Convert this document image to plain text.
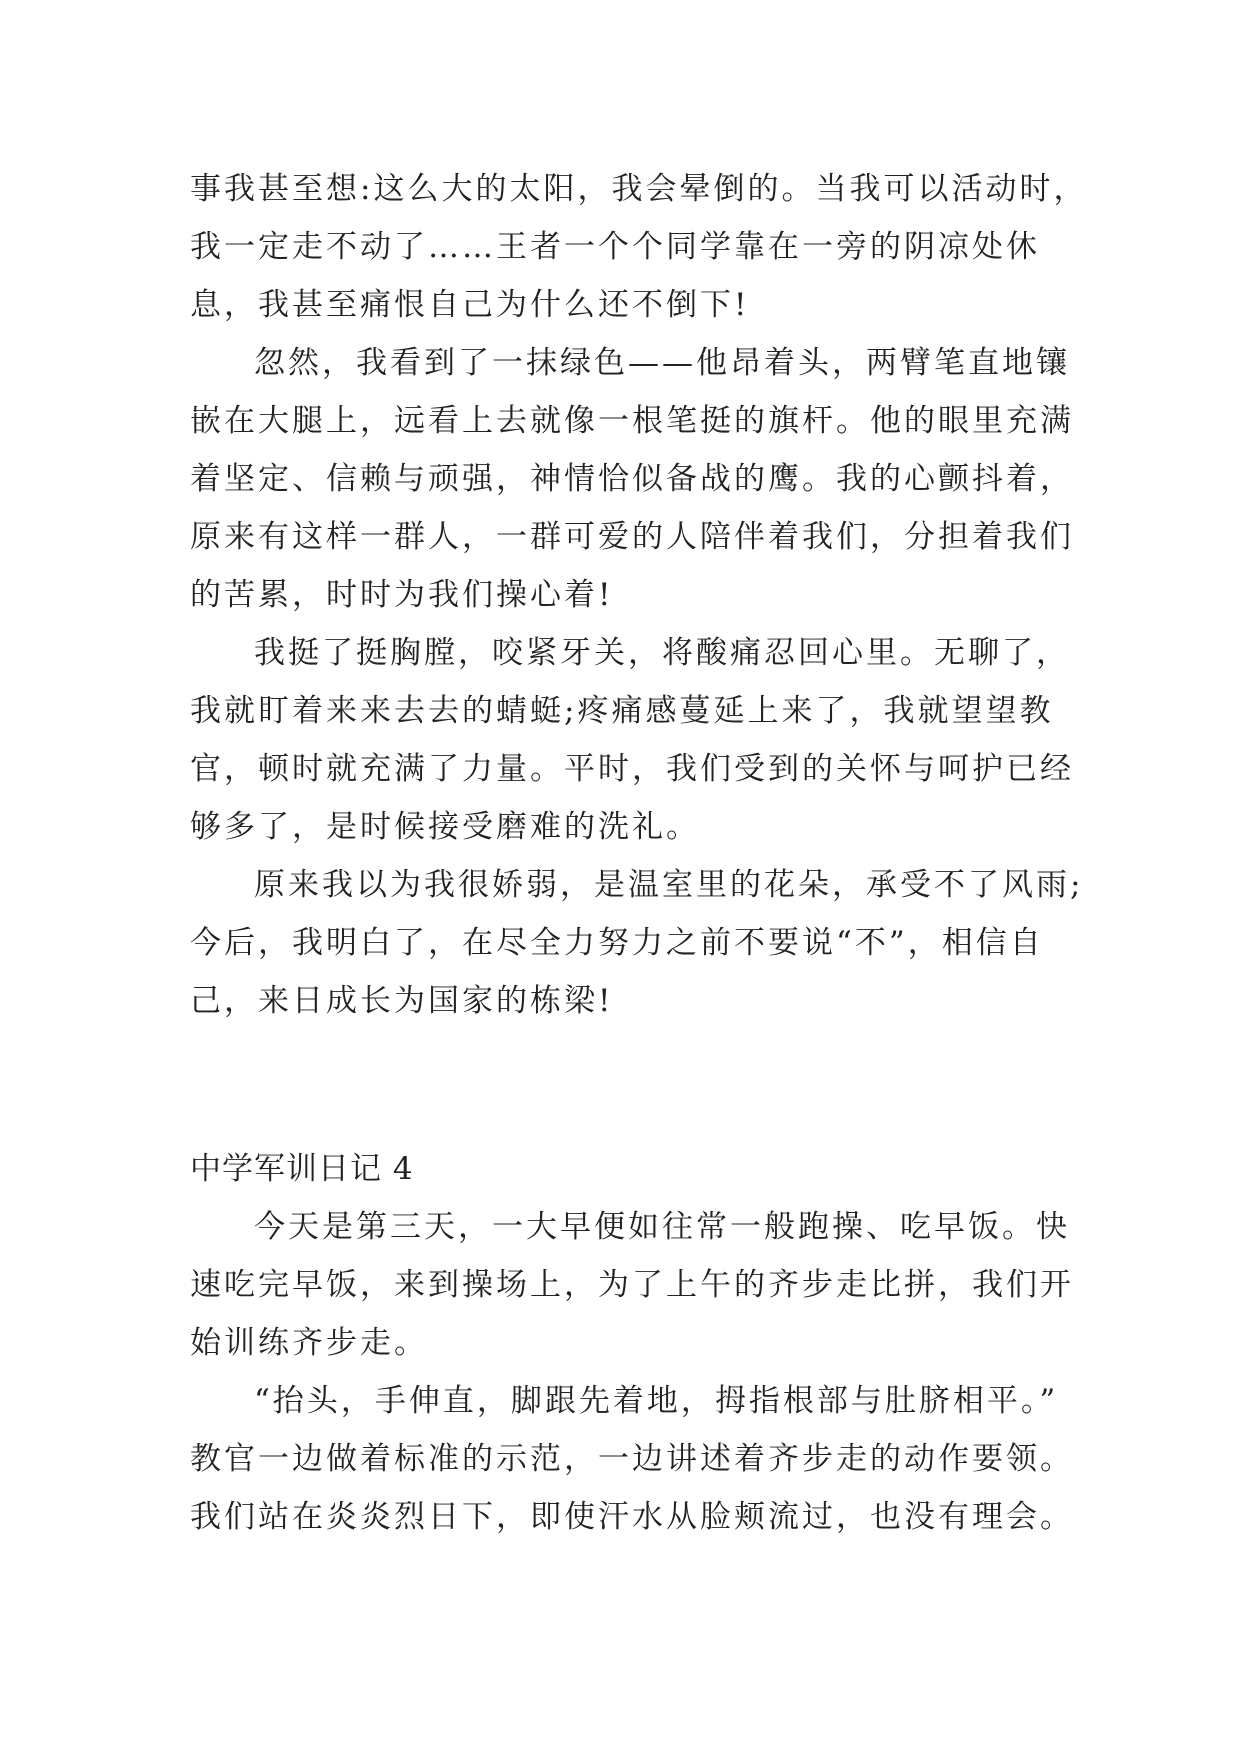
事我甚至想:这么大的太阳，我会晕倒的。当我可以活动时，
我一定走不动了……王者一个个同学靠在一旁的阴凉处休
息，我甚至痛恨自己为什么还不倒下!
忽然，我看到了一抹绿色——他昂着头，两臂笔直地镶
嵌在大腿上，远看上去就像一根笔挺的旗杆。他的眼里充满
着坚定、信赖与顽强，神情恰似备战的鹰。我的心颤抖着，
原来有这样一群人，一群可爱的人陪伴着我们，分担着我们
的苦累，时时为我们操心着!
我挺了挺胸膛，咬紧牙关，将酸痛忍回心里。无聊了，
我就盯着来来去去的蜻蜓;疼痛感蔓延上来了，我就望望教
官，顿时就充满了力量。平时，我们受到的关怀与呵护已经
够多了，是时候接受磨难的洗礼。
原来我以为我很娇弱，是温室里的花朵，承受不了风雨;
今后，我明白了，在尽全力努力之前不要说“不”，相信自
己，来日成长为国家的栋梁!
中学军训日记 4
今天是第三天，一大早便如往常一般跑操、吃早饭。快
速吃完早饭，来到操场上，为了上午的齐步走比拼，我们开
始训练齐步走。
“抬头，手伸直，脚跟先着地，拇指根部与肚脐相平。”
教官一边做着标准的示范，一边讲述着齐步走的动作要领。
我们站在炎炎烈日下，即使汗水从脸颊流过，也没有理会。
